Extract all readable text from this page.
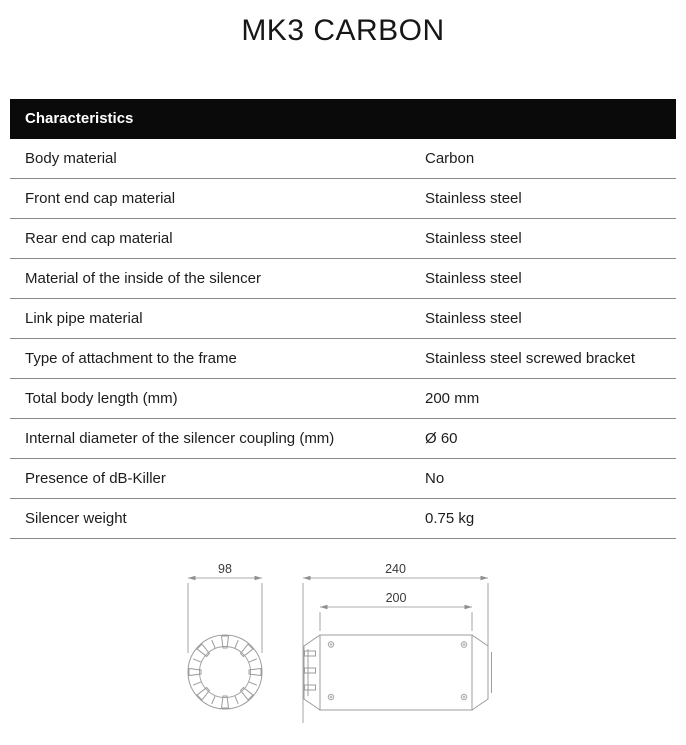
MK3 CARBON
Characteristics
Body material	Carbon
Front end cap material	Stainless steel
Rear end cap material	Stainless steel
Material of the inside of the silencer	Stainless steel
Link pipe material	Stainless steel
Type of attachment to the frame	Stainless steel screwed bracket
Total body length (mm)	200 mm
Internal diameter of the silencer coupling (mm)	Ø 60
Presence of dB-Killer	No
Silencer weight	0.75 kg
98	240
200
